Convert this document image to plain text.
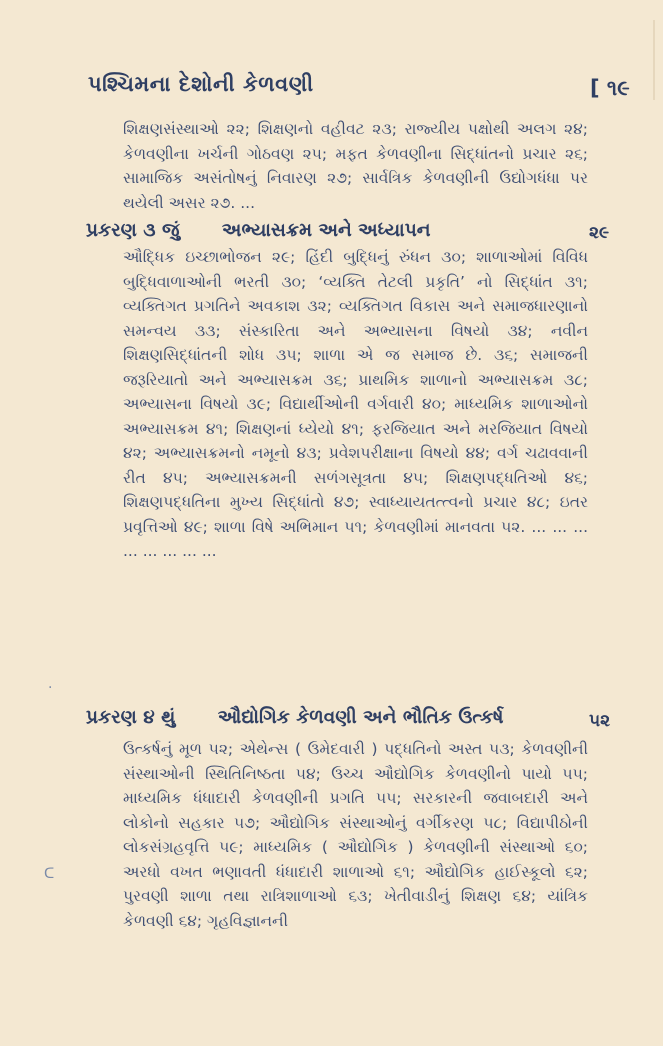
પશ્ચિમના દેશોની કેળવણી	[ ૧૯
શિક્ષણસંસ્થાઓ ૨૨; શિક્ષણનો વહીવટ ૨૩; રાજ્યીય પક્ષોથી અલગ ૨૪; કેળવણીના ખર્ચની ગોઠવણ ૨૫; મફત કેળવણીના સિદ્ધાંતનો પ્રચાર ૨૬; સામાજિક અસંતોષનું નિવારણ ૨૭; સાર્વત્રિક કેળવણીની ઉદ્યોગધંધા પર થયેલી અસર ૨૭. ...
પ્રકરણ ૩ જું અભ્યાસક્રમ અને અધ્યાપન	૨૯
ઔદ્ધિક ઇચ્છાભોજન ૨૯; હિંદી બુદ્ધિનું રુંધન ૩૦; શાળાઓમાં વિવિધ બુદ્ધિવાળાઓની ભરતી ૩૦; ‘વ્યક્તિ તેટલી પ્રકૃતિ’ નો સિદ્ધાંત ૩૧; વ્યક્તિગત પ્રગતિને અવકાશ ૩૨; વ્યક્તિગત વિકાસ અને સમાજધારણાનો સમન્વય ૩૩; સંસ્કારિતા અને અભ્યાસના વિષયો ૩૪; નવીન શિક્ષણસિદ્ધાંતની શોધ ૩૫; શાળા એ જ સમાજ છે. ૩૬; સમાજની જરૂરિયાતો અને અભ્યાસક્રમ ૩૬; પ્રાથમિક શાળાનો અભ્યાસક્રમ ૩૮; અભ્યાસના વિષયો ૩૯; વિદ્યાર્થીઓની વર્ગવારી ૪૦; માધ્યમિક શાળાઓનો અભ્યાસક્રમ ૪૧; શિક્ષણનાં ધ્યેયો ૪૧; ફરજિયાત અને મરજિયાત વિષયો ૪૨; અભ્યાસક્રમનો નમૂનો ૪૩; પ્રવેશપરીક્ષાના વિષયો ૪૪; વર્ગ ચઢાવવાની રીત ૪૫; અભ્યાસક્રમની સળંગસૂત્રતા ૪૫; શિક્ષણપદ્ધતિઓ ૪૬; શિક્ષણપદ્ધતિના મુખ્ય સિદ્ધાંતો ૪૭; સ્વાધ્યાયતત્ત્વનો પ્રચાર ૪૮; ઇતર પ્રવૃત્તિઓ ૪૯; શાળા વિષે અભિમાન ૫૧; કેળવણીમાં માનવતા ૫૨. ... ... ... ... ... ... ... ...
.
પ્રકરણ ૪ થું ઔદ્યોગિક કેળવણી અને ભૌતિક ઉત્કર્ષ	૫૨
ઉત્કર્ષનું મૂળ ૫૨; એથેન્સ ( ઉમેદવારી ) પદ્ધતિનો અસ્ત ૫૩; કેળવણીની સંસ્થાઓની સ્થિતિનિષ્ઠતા ૫૪; ઉચ્ચ ઔદ્યોગિક કેળવણીનો પાયો ૫૫; માધ્યમિક ધંધાદારી કેળવણીની પ્રગતિ ૫૫; સરકારની જવાબદારી અને લોકોનો સહકાર ૫૭; ઔદ્યોગિક સંસ્થાઓનું વર્ગીકરણ ૫૮; વિદ્યાપીઠોની લોકસંગ્રહવૃત્તિ ૫૯; માધ્યમિક ( ઔદ્યોગિક ) કેળવણીની સંસ્થાઓ ૬૦; અરધો વખત ભણાવતી ધંધાદારી શાળાઓ ૬૧; ઔદ્યોગિક હાઈસ્કૂલો ૬૨; પુરવણી શાળા તથા રાત્રિશાળાઓ ૬૩; ખેતીવાડીનું શિક્ષણ ૬૪; યાંત્રિક કેળવણી ૬૪; ગૃહવિજ્ઞાનની
ᑕ
